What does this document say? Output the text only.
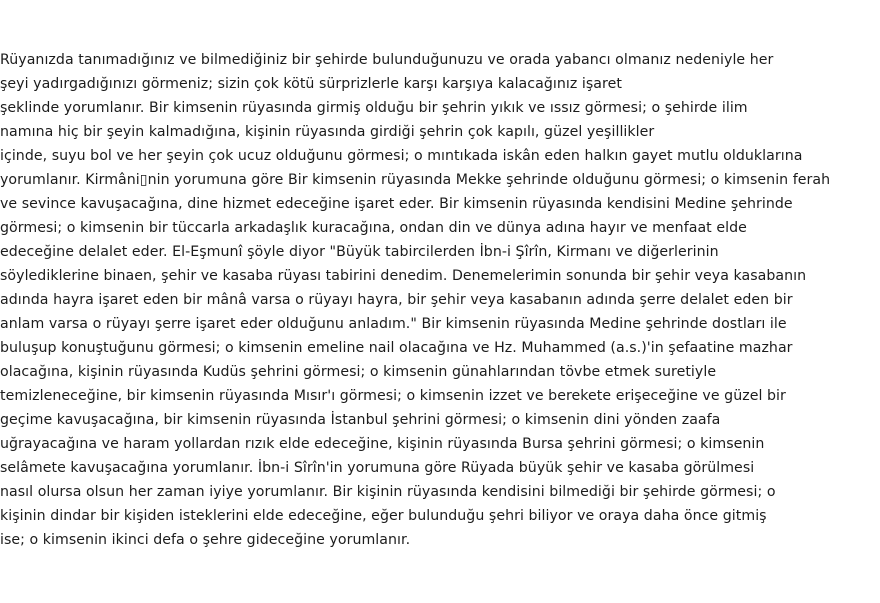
Rüyanızda tanımadığınız ve bilmediğiniz bir şehirde bulunduğunuzu ve orada yabancı olmanız nedeniyle her
şeyi yadırgadığınızı görmeniz; sizin çok kötü sürprizlerle karşı karşıya kalacağınız işaret
şeklinde yorumlanır. Bir kimsenin rüyasında girmiş olduğu bir şehrin yıkık ve ıssız görmesi; o şehirde ilim
namına hiç bir şeyin kalmadığına, kişinin rüyasında girdiği şehrin çok kapılı, güzel yeşillikler
içinde, suyu bol ve her şeyin çok ucuz olduğunu görmesi; o mıntıkada iskân eden halkın gayet mutlu olduklarına
yorumlanır. Kirmâni▯nin yorumuna göre Bir kimsenin rüyasında Mekke şehrinde olduğunu görmesi; o kimsenin ferah
ve sevince kavuşacağına, dine hizmet edeceğine işaret eder. Bir kimsenin rüyasında kendisini Medine şehrinde
görmesi; o kimsenin bir tüccarla arkadaşlık kuracağına, ondan din ve dünya adına hayır ve menfaat elde
edeceğine delalet eder. El-Eşmunî şöyle diyor "Büyük tabircilerden İbn-i Şîrîn, Kirmanı ve diğerlerinin
söylediklerine binaen, şehir ve kasaba rüyası tabirini denedim. Denemelerimin sonunda bir şehir veya kasabanın
adında hayra işaret eden bir mânâ varsa o rüyayı hayra, bir şehir veya kasabanın adında şerre delalet eden bir
anlam varsa o rüyayı şerre işaret eder olduğunu anladım." Bir kimsenin rüyasında Medine şehrinde dostları ile
buluşup konuştuğunu görmesi; o kimsenin emeline nail olacağına ve Hz. Muhammed (a.s.)'in şefaatine mazhar
olacağına, kişinin rüyasında Kudüs şehrini görmesi; o kimsenin günahlarından tövbe etmek suretiyle
temizleneceğine, bir kimsenin rüyasında Mısır'ı görmesi; o kimsenin izzet ve berekete erişeceğine ve güzel bir
geçime kavuşacağına, bir kimsenin rüyasında İstanbul şehrini görmesi; o kimsenin dini yönden zaafa
uğrayacağına ve haram yollardan rızık elde edeceğine, kişinin rüyasında Bursa şehrini görmesi; o kimsenin
selâmete kavuşacağına yorumlanır. İbn-i Sîrîn'in yorumuna göre Rüyada büyük şehir ve kasaba görülmesi
nasıl olursa olsun her zaman iyiye yorumlanır. Bir kişinin rüyasında kendisini bilmediği bir şehirde görmesi; o
kişinin dindar bir kişiden isteklerini elde edeceğine, eğer bulunduğu şehri biliyor ve oraya daha önce gitmiş
ise; o kimsenin ikinci defa o şehre gideceğine yorumlanır.
